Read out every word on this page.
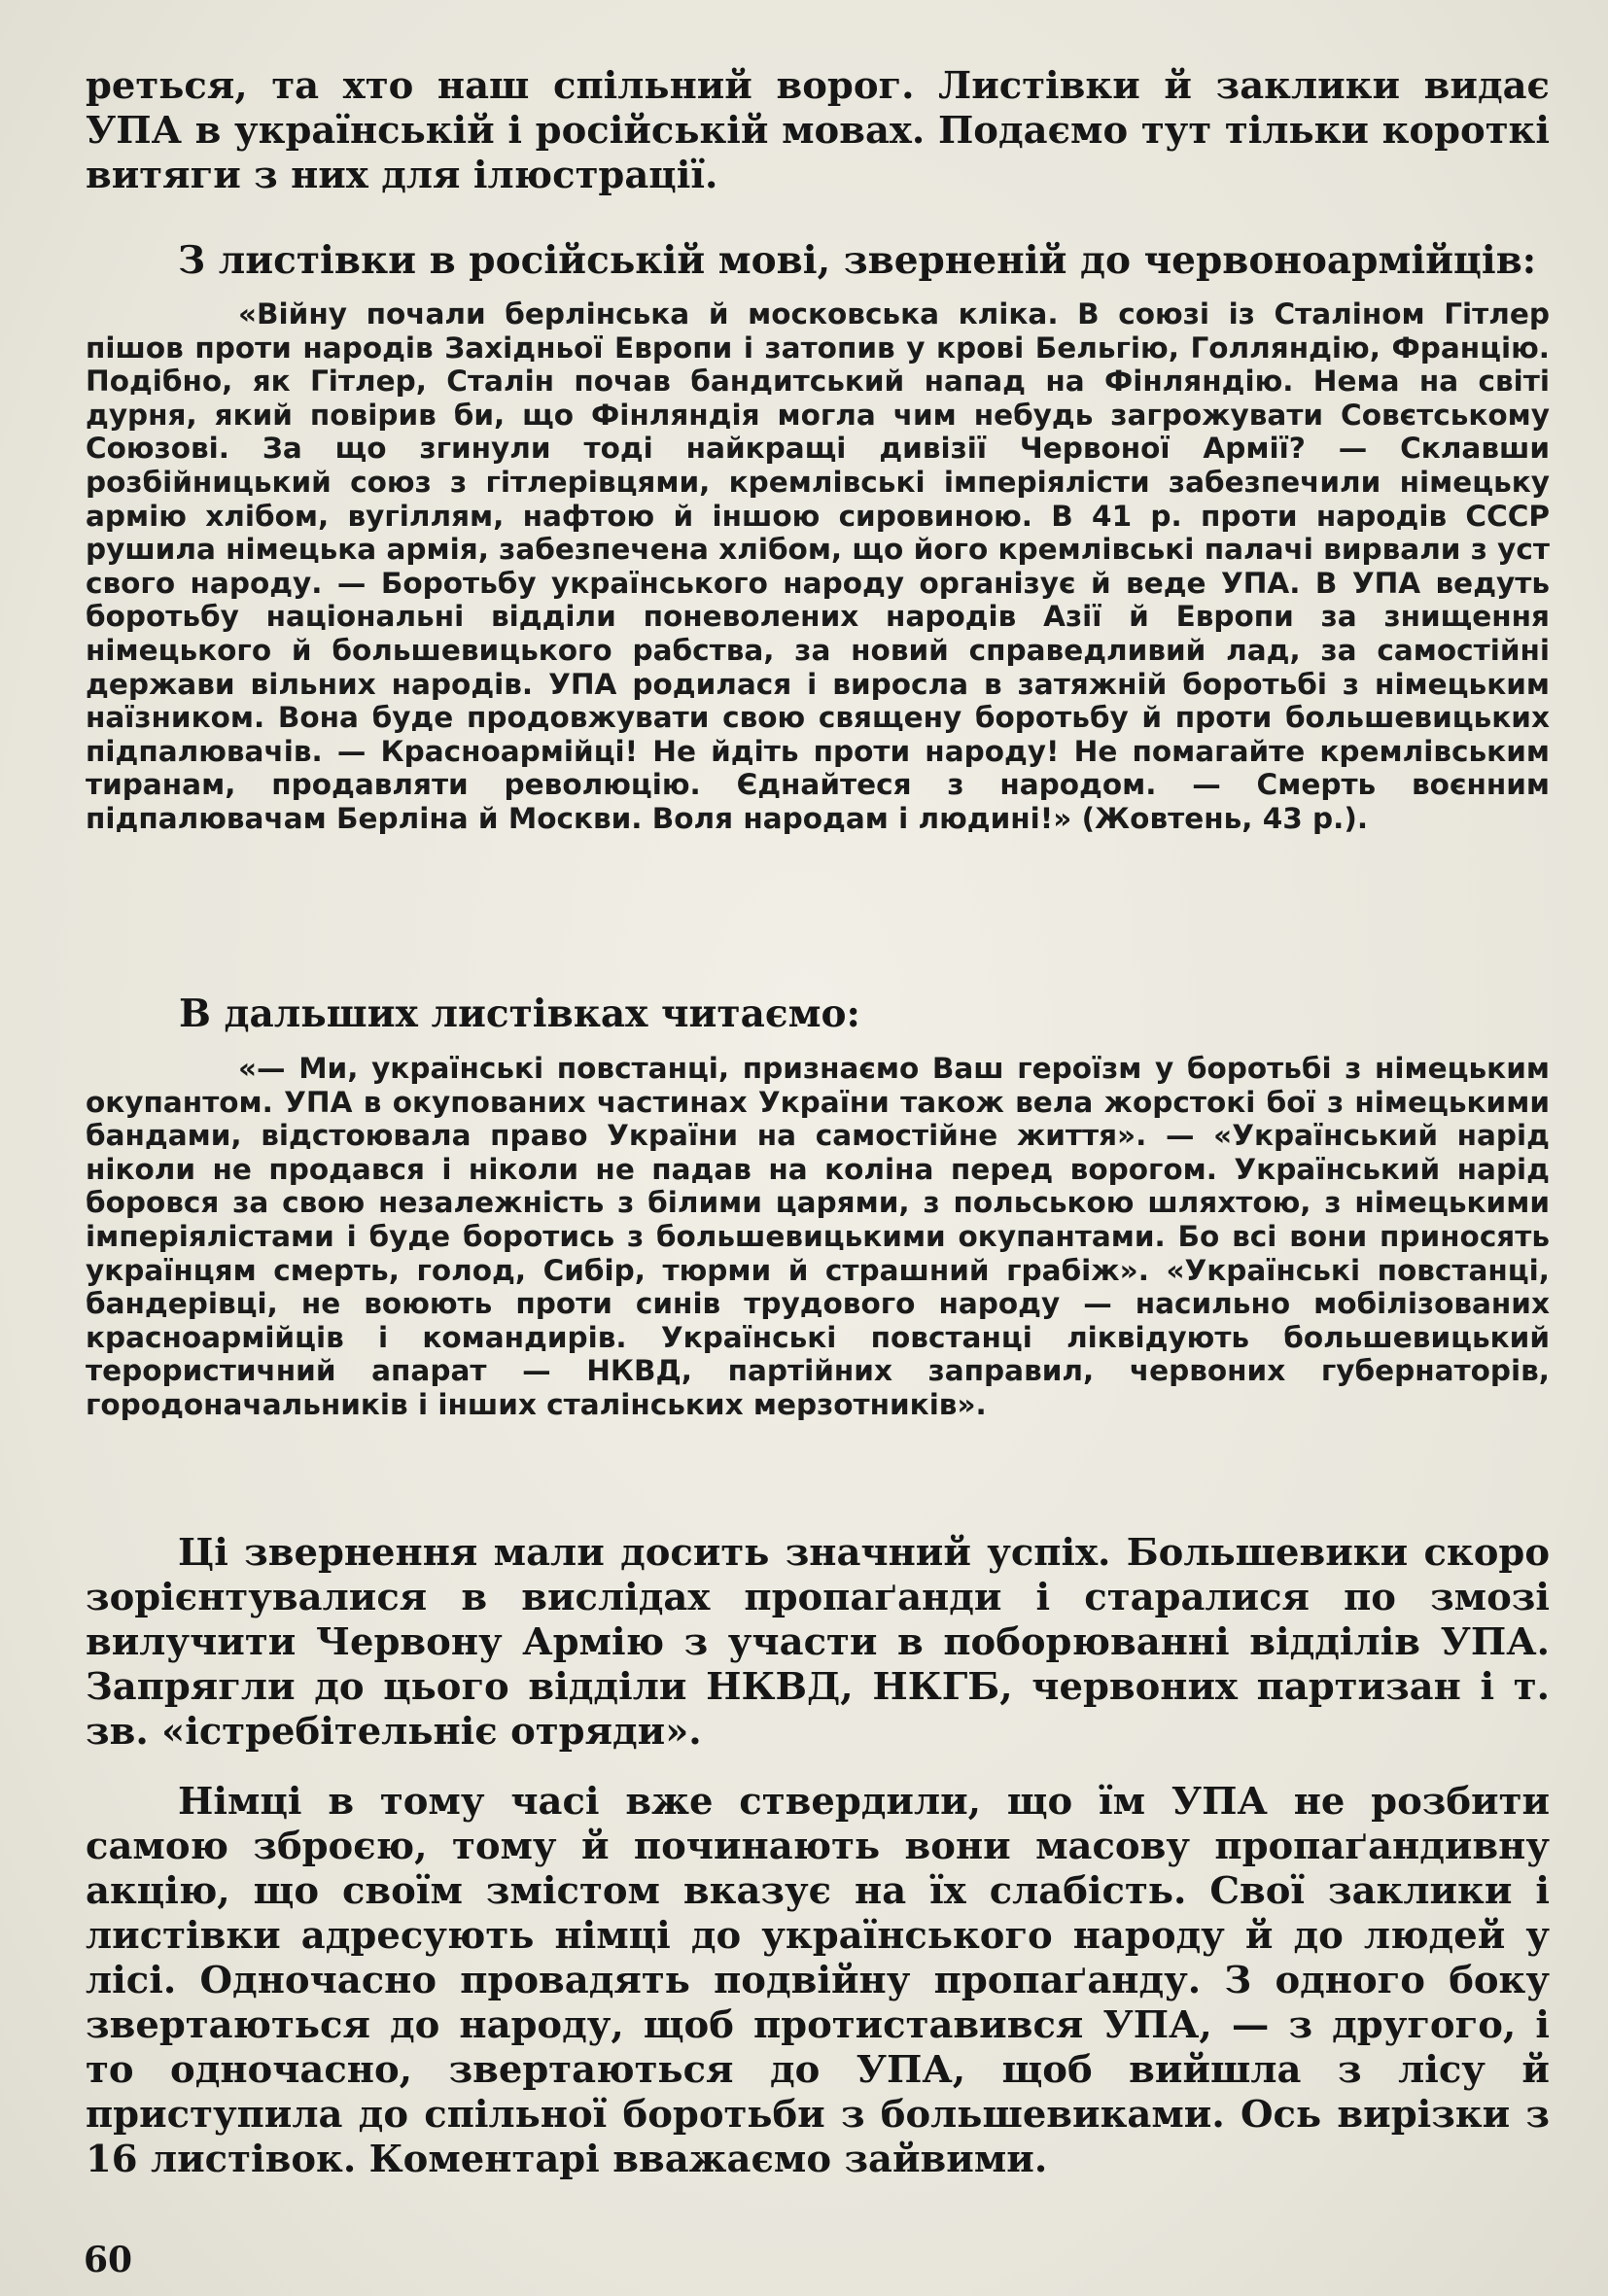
реться, та хто наш спільний ворог. Листівки й заклики видає УПА в українській і російській мовах. Подаємо тут тільки короткі витяги з них для ілюстрації.

З листівки в російській мові, зверненій до червоноармійців:

«Війну почали берлінська й московська кліка. В союзі із Сталіном Гітлер пішов проти народів Західньої Европи і затопив у крові Бельгію, Голляндію, Францію. Подібно, як Гітлер, Сталін почав бандитський напад на Фінляндію. Нема на світі дурня, який повірив би, що Фінляндія могла чим небудь загрожувати Совєтському Союзові. За що згинули тоді найкращі дивізії Червоної Армії? — Склавши розбійницький союз з гітлерівцями, кремлівські імперіялісти забезпечили німецьку армію хлібом, вугіллям, нафтою й іншою сировиною. В 41 р. проти народів СССР рушила німецька армія, забезпечена хлібом, що його кремлівські палачі вирвали з уст свого народу. — Боротьбу українського народу організує й веде УПА. В УПА ведуть боротьбу національні відділи поневолених народів Азії й Европи за знищення німецького й большевицького рабства, за новий справедливий лад, за самостійні держави вільних народів. УПА родилася і виросла в затяжній боротьбі з німецьким наїзником. Вона буде продовжувати свою священу боротьбу й проти большевицьких підпалювачів. — Красноармійці! Не йдіть проти народу! Не помагайте кремлівським тиранам, продавляти революцію. Єднайтеся з народом. — Смерть воєнним підпалювачам Берліна й Москви. Воля народам і людині!» (Жовтень, 43 р.).

В дальших листівках читаємо:

«— Ми, українські повстанці, признаємо Ваш героїзм у боротьбі з німецьким окупантом. УПА в окупованих частинах України також вела жорстокі бої з німецькими бандами, відстоювала право України на самостійне життя». — «Український нарід ніколи не продався і ніколи не падав на коліна перед ворогом. Український нарід боровся за свою незалежність з білими царями, з польською шляхтою, з німецькими імперіялістами і буде боротись з большевицькими окупантами. Бо всі вони приносять українцям смерть, голод, Сибір, тюрми й страшний грабіж». «Українські повстанці, бандерівці, не воюють проти синів трудового народу — насильно мобілізованих красноармійців і командирів. Українські повстанці ліквідують большевицький терористичний апарат — НКВД, партійних заправил, червоних губернаторів, городоначальників і інших сталінських мерзотників».

Ці звернення мали досить значний успіх. Большевики скоро зорієнтувалися в вислідах пропаґанди і старалися по змозі вилучити Червону Армію з участи в поборюванні відділів УПА. Запрягли до цього відділи НКВД, НКГБ, червоних партизан і т. зв. «істребітельніє отряди».

Німці в тому часі вже ствердили, що їм УПА не розбити самою зброєю, тому й починають вони масову пропаґандивну акцію, що своїм змістом вказує на їх слабість. Свої заклики і листівки адресують німці до українського народу й до людей у лісі. Одночасно провадять подвійну пропаґанду. З одного боку звертаються до народу, щоб протиставився УПА, — з другого, і то одночасно, звертаються до УПА, щоб вийшла з лісу й приступила до спільної боротьби з большевиками. Ось вирізки з 16 листівок. Коментарі вважаємо зайвими.

60
